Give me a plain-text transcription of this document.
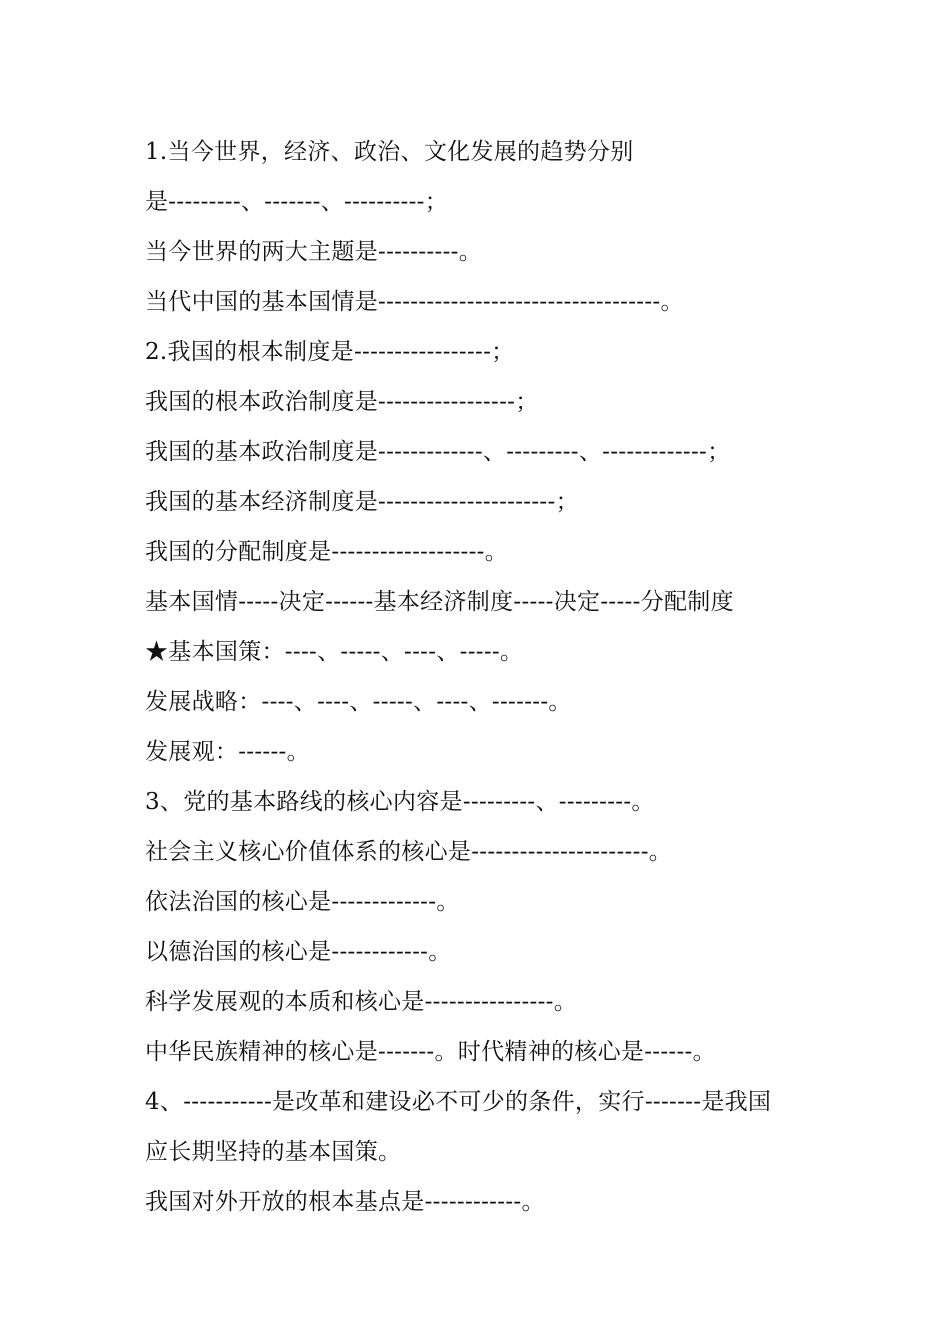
1.当今世界，经济、政治、文化发展的趋势分别
是---------、-------、----------；
当今世界的两大主题是----------。
当代中国的基本国情是-----------------------------------。
2.我国的根本制度是-----------------；
我国的根本政治制度是-----------------；
我国的基本政治制度是-------------、---------、-------------；
我国的基本经济制度是----------------------；
我国的分配制度是-------------------。
基本国情-----决定------基本经济制度-----决定-----分配制度
★基本国策：----、-----、----、-----。
发展战略：----、----、-----、----、-------。
发展观：------。
3、党的基本路线的核心内容是---------、---------。
社会主义核心价值体系的核心是----------------------。
依法治国的核心是-------------。
以德治国的核心是------------。
科学发展观的本质和核心是----------------。
中华民族精神的核心是-------。时代精神的核心是------。
4、-----------是改革和建设必不可少的条件，实行-------是我国
应长期坚持的基本国策。
我国对外开放的根本基点是------------。
